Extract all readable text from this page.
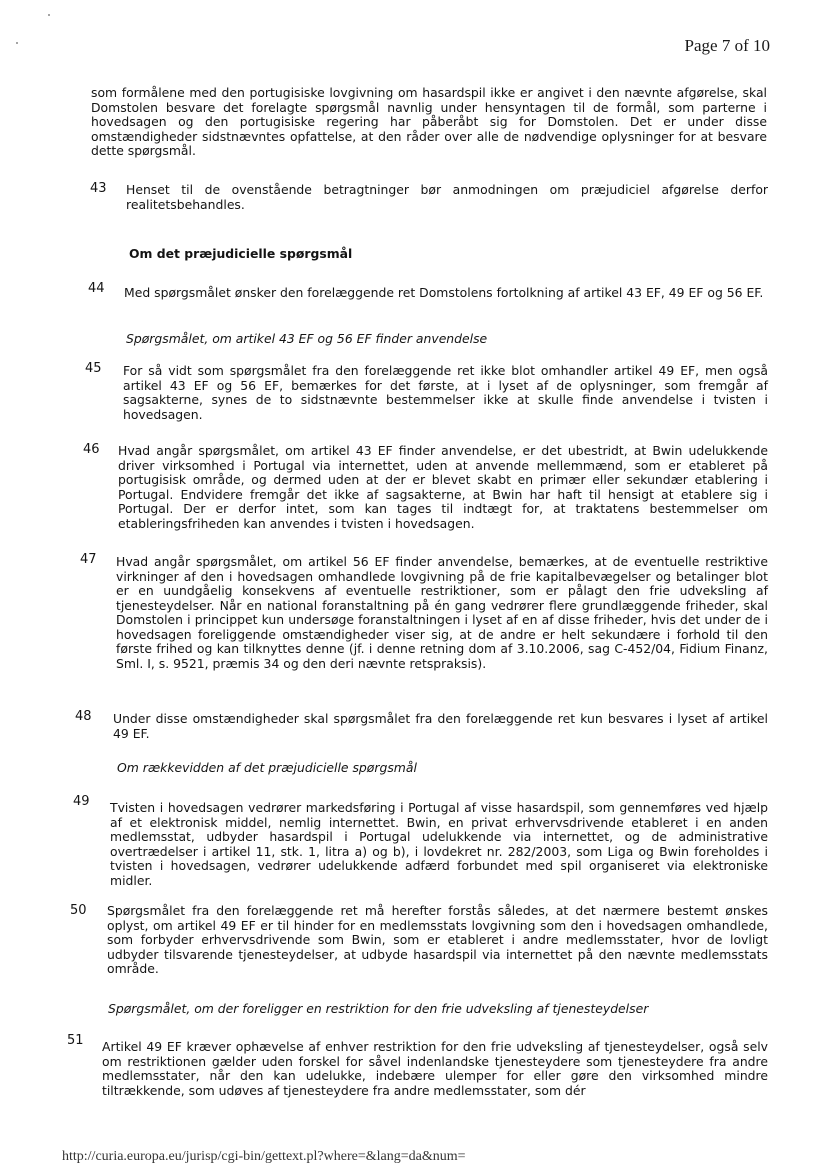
Page 7 of 10
som formålene med den portugisiske lovgivning om hasardspil ikke er angivet i den nævnte afgørelse, skal Domstolen besvare det forelagte spørgsmål navnlig under hensyntagen til de formål, som parterne i hovedsagen og den portugisiske regering har påberåbt sig for Domstolen. Det er under disse omstændigheder sidstnævntes opfattelse, at den råder over alle de nødvendige oplysninger for at besvare dette spørgsmål.
43 Henset til de ovenstående betragtninger bør anmodningen om præjudiciel afgørelse derfor realitetsbehandles.
Om det præjudicielle spørgsmål
44 Med spørgsmålet ønsker den forelæggende ret Domstolens fortolkning af artikel 43 EF, 49 EF og 56 EF.
Spørgsmålet, om artikel 43 EF og 56 EF finder anvendelse
45 For så vidt som spørgsmålet fra den forelæggende ret ikke blot omhandler artikel 49 EF, men også artikel 43 EF og 56 EF, bemærkes for det første, at i lyset af de oplysninger, som fremgår af sagsakterne, synes de to sidstnævnte bestemmelser ikke at skulle finde anvendelse i tvisten i hovedsagen.
46 Hvad angår spørgsmålet, om artikel 43 EF finder anvendelse, er det ubestridt, at Bwin udelukkende driver virksomhed i Portugal via internettet, uden at anvende mellemmænd, som er etableret på portugisisk område, og dermed uden at der er blevet skabt en primær eller sekundær etablering i Portugal. Endvidere fremgår det ikke af sagsakterne, at Bwin har haft til hensigt at etablere sig i Portugal. Der er derfor intet, som kan tages til indtægt for, at traktatens bestemmelser om etableringsfriheden kan anvendes i tvisten i hovedsagen.
47 Hvad angår spørgsmålet, om artikel 56 EF finder anvendelse, bemærkes, at de eventuelle restriktive virkninger af den i hovedsagen omhandlede lovgivning på de frie kapitalbevægelser og betalinger blot er en uundgåelig konsekvens af eventuelle restriktioner, som er pålagt den frie udveksling af tjenesteydelser. Når en national foranstaltning på én gang vedrører flere grundlæggende friheder, skal Domstolen i princippet kun undersøge foranstaltningen i lyset af en af disse friheder, hvis det under de i hovedsagen foreliggende omstændigheder viser sig, at de andre er helt sekundære i forhold til den første frihed og kan tilknyttes denne (jf. i denne retning dom af 3.10.2006, sag C-452/04, Fidium Finanz, Sml. I, s. 9521, præmis 34 og den deri nævnte retspraksis).
48 Under disse omstændigheder skal spørgsmålet fra den forelæggende ret kun besvares i lyset af artikel 49 EF.
Om rækkevidden af det præjudicielle spørgsmål
49 Tvisten i hovedsagen vedrører markedsføring i Portugal af visse hasardspil, som gennemføres ved hjælp af et elektronisk middel, nemlig internettet. Bwin, en privat erhvervsdrivende etableret i en anden medlemsstat, udbyder hasardspil i Portugal udelukkende via internettet, og de administrative overtrædelser i artikel 11, stk. 1, litra a) og b), i lovdekret nr. 282/2003, som Liga og Bwin foreholdes i tvisten i hovedsagen, vedrører udelukkende adfærd forbundet med spil organiseret via elektroniske midler.
50 Spørgsmålet fra den forelæggende ret må herefter forstås således, at det nærmere bestemt ønskes oplyst, om artikel 49 EF er til hinder for en medlemsstats lovgivning som den i hovedsagen omhandlede, som forbyder erhvervsdrivende som Bwin, som er etableret i andre medlemsstater, hvor de lovligt udbyder tilsvarende tjenesteydelser, at udbyde hasardspil via internettet på den nævnte medlemsstats område.
Spørgsmålet, om der foreligger en restriktion for den frie udveksling af tjenesteydelser
51 Artikel 49 EF kræver ophævelse af enhver restriktion for den frie udveksling af tjenesteydelser, også selv om restriktionen gælder uden forskel for såvel indenlandske tjenesteydere som tjenesteydere fra andre medlemsstater, når den kan udelukke, indebære ulemper for eller gøre den virksomhed mindre tiltrækkende, som udøves af tjenesteydere fra andre medlemsstater, som dér
http://curia.europa.eu/jurisp/cgi-bin/gettext.pl?where=&lang=da&num=
